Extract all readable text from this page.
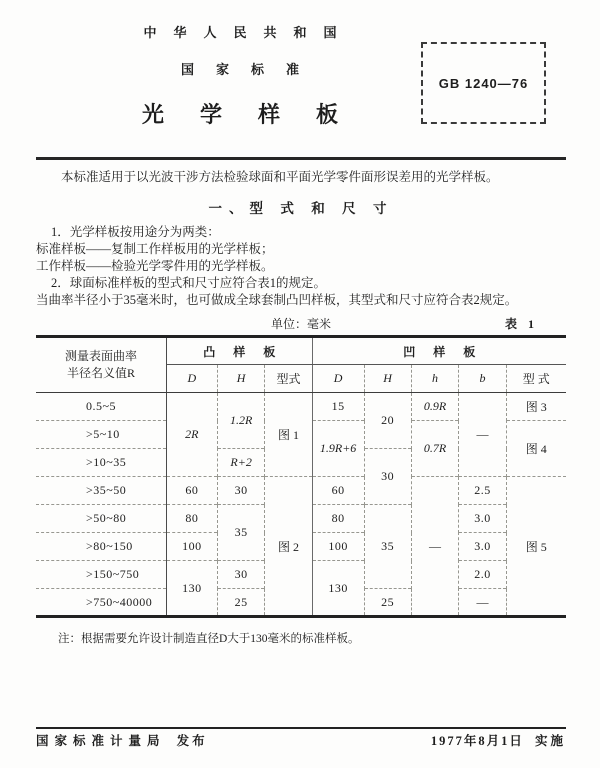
中华人民共和国
国家标准
光学样板
GB 1240—76

本标准适用于以光波干涉方法检验球面和平面光学零件面形误差用的光学样板。

一、型 式 和 尺 寸

1．光学样板按用途分为两类：

标准样板——复制工作样板用的光学样板；

工作样板——检验光学零件用的光学样板。

2．球面标准样板的型式和尺寸应符合表1的规定。

当曲率半径小于35毫米时，也可做成全球套制凸凹样板，其型式和尺寸应符合表2规定。

单位：毫米	表 1
测量表面曲率
半径名义值R	凸样板			凹样板				
	D	H	型式	D	H	h	b	型 式
0.5~5	2R	1.2R	图 1	15	20	0.9R	—	图 3
>5~10				1.9R+6		0.7R		图 4
>10~35		R+2			30			
>35~50	60	30	图 2	60		—	2.5	图 5
>50~80	80	35		80	35		3.0	
>80~150	100			100			3.0	
>150~750	130	30		130			2.0	
>750~40000		25			25		—	

注：根据需要允许设计制造直径D大于130毫米的标准样板。

国家标准计量局 发布	1977年8月1日 实施
